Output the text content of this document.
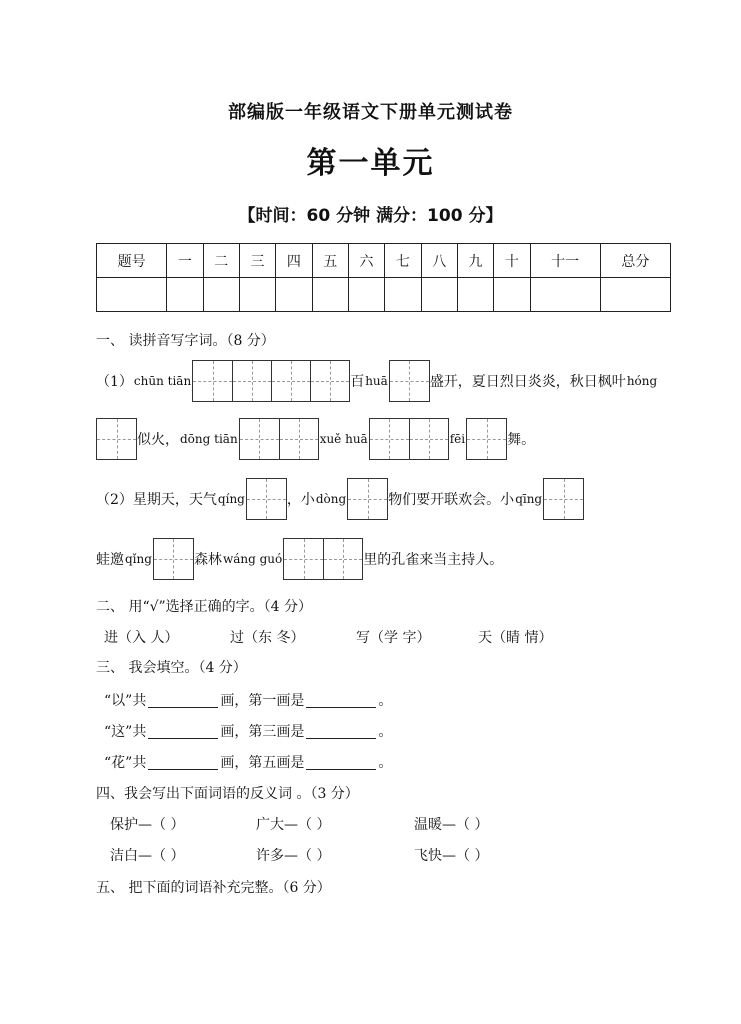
部编版一年级语文下册单元测试卷
第一单元
【时间：60 分钟 满分：100 分】
题号	一	二	三	四	五	六	七	八	九	十	十一	总分

一、 读拼音写字词。（8 分）
（1） chūn tiān	百 huā	盛开，夏日烈日炎炎，秋日枫叶 hóng
似火， dōng tiān	xuě huā	fēi	舞。
（2）星期天，天气 qíng	，小 dòng	物们要开联欢会。小 qīng
蛙邀 qǐng	森林 wáng guó	里的孔雀来当主持人。
二、 用“√”选择正确的字。（4 分）
进（入 人）	过（东 冬）	写（学 字）	天（睛 情）
三、 我会填空。（4 分）
“以”共	画，第一画是	。
“这”共	画，第三画是	。
“花”共	画，第五画是	。
四、我会写出下面词语的反义词 。（3 分）
保护—（ ）	广大—（ ）	温暖—（ ）
洁白—（ ）	许多—（ ）	飞快—（ ）
五、 把下面的词语补充完整。（6 分）
